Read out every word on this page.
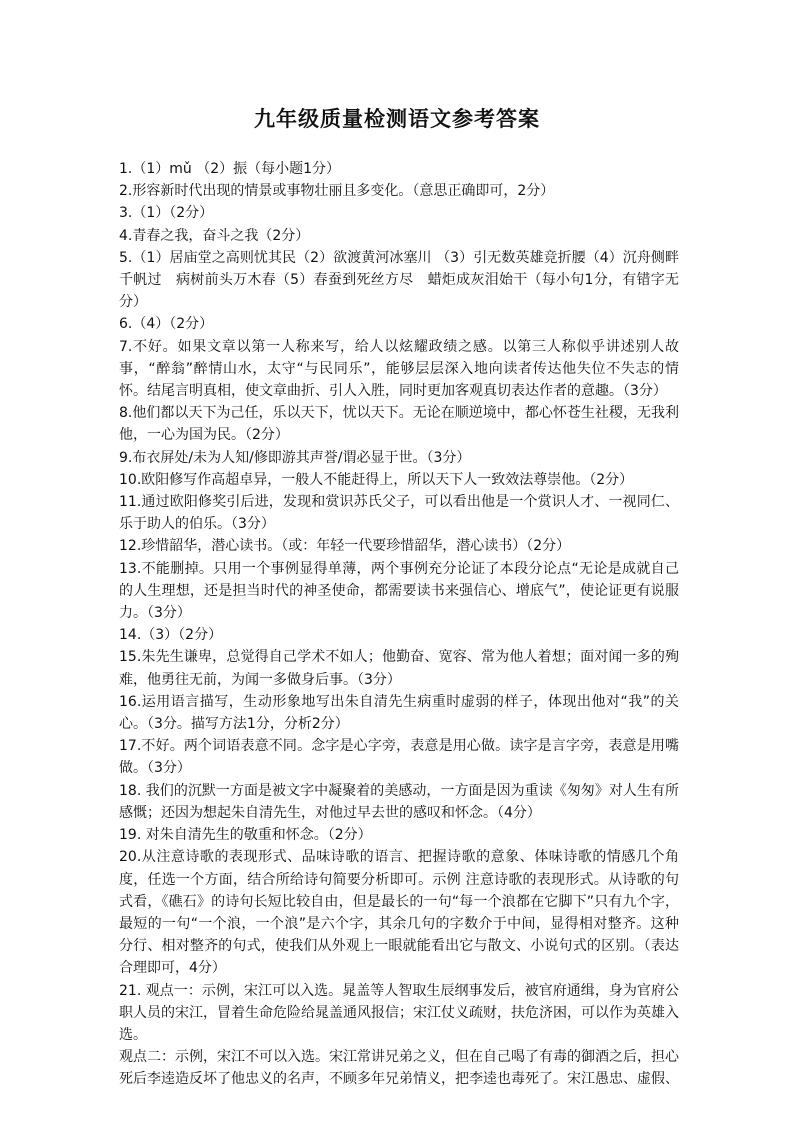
九年级质量检测语文参考答案

1.（1）mǔ （2）振（每小题1分）

2.形容新时代出现的情景或事物壮丽且多变化。（意思正确即可，2分）

3.（1）（2分）

4.青春之我，奋斗之我（2分）

5.（1）居庙堂之高则忧其民（2）欲渡黄河冰塞川 （3）引无数英雄竞折腰（4）沉舟侧畔千帆过　病树前头万木春（5）春蚕到死丝方尽　蜡炬成灰泪始干（每小句1分，有错字无分）

6.（4）（2分）

7.不好。如果文章以第一人称来写，给人以炫耀政绩之感。以第三人称似乎讲述别人故事，“醉翁”醉情山水，太守“与民同乐”，能够层层深入地向读者传达他失位不失志的情怀。结尾言明真相，使文章曲折、引人入胜，同时更加客观真切表达作者的意趣。（3分）

8.他们都以天下为己任，乐以天下，忧以天下。无论在顺逆境中，都心怀苍生社稷，无我利他，一心为国为民。（2分）

9.布衣屏处/未为人知/修即游其声誉/谓必显于世。（3分）

10.欧阳修写作高超卓异，一般人不能赶得上，所以天下人一致效法尊崇他。（2分）

11.通过欧阳修奖引后进，发现和赏识苏氏父子，可以看出他是一个赏识人才、一视同仁、乐于助人的伯乐。（3分）

12.珍惜韶华，潜心读书。（或：年轻一代要珍惜韶华，潜心读书）（2分）

13.不能删掉。只用一个事例显得单薄，两个事例充分论证了本段分论点“无论是成就自己的人生理想，还是担当时代的神圣使命，都需要读书来强信心、增底气”，使论证更有说服力。（3分）

14.（3）（2分）

15.朱先生谦卑，总觉得自己学术不如人；他勤奋、宽容、常为他人着想；面对闻一多的殉难，他勇往无前，为闻一多做身后事。（3分）

16.运用语言描写，生动形象地写出朱自清先生病重时虚弱的样子，体现出他对“我”的关心。（3分。描写方法1分，分析2分）

17.不好。两个词语表意不同。念字是心字旁，表意是用心做。读字是言字旁，表意是用嘴做。（3分）

18. 我们的沉默一方面是被文字中凝聚着的美感动，一方面是因为重读《匆匆》对人生有所感慨；还因为想起朱自清先生，对他过早去世的感叹和怀念。（4分）

19. 对朱自清先生的敬重和怀念。（2分）

20.从注意诗歌的表现形式、品味诗歌的语言、把握诗歌的意象、体味诗歌的情感几个角度，任选一个方面，结合所给诗句简要分析即可。示例 注意诗歌的表现形式。从诗歌的句式看，《礁石》的诗句长短比较自由，但是最长的一句“每一个浪都在它脚下”只有九个字，最短的一句“一个浪，一个浪”是六个字，其余几句的字数介于中间，显得相对整齐。这种分行、相对整齐的句式，使我们从外观上一眼就能看出它与散文、小说句式的区别。（表达合理即可，4分）

21. 观点一：示例，宋江可以入选。晁盖等人智取生辰纲事发后，被官府通缉，身为官府公职人员的宋江，冒着生命危险给晁盖通风报信；宋江仗义疏财，扶危济困，可以作为英雄入选。

观点二：示例，宋江不可以入选。宋江常讲兄弟之义，但在自己喝了有毒的御酒之后，担心死后李逵造反坏了他忠义的名声，不顾多年兄弟情义，把李逵也毒死了。宋江愚忠、虚假、
